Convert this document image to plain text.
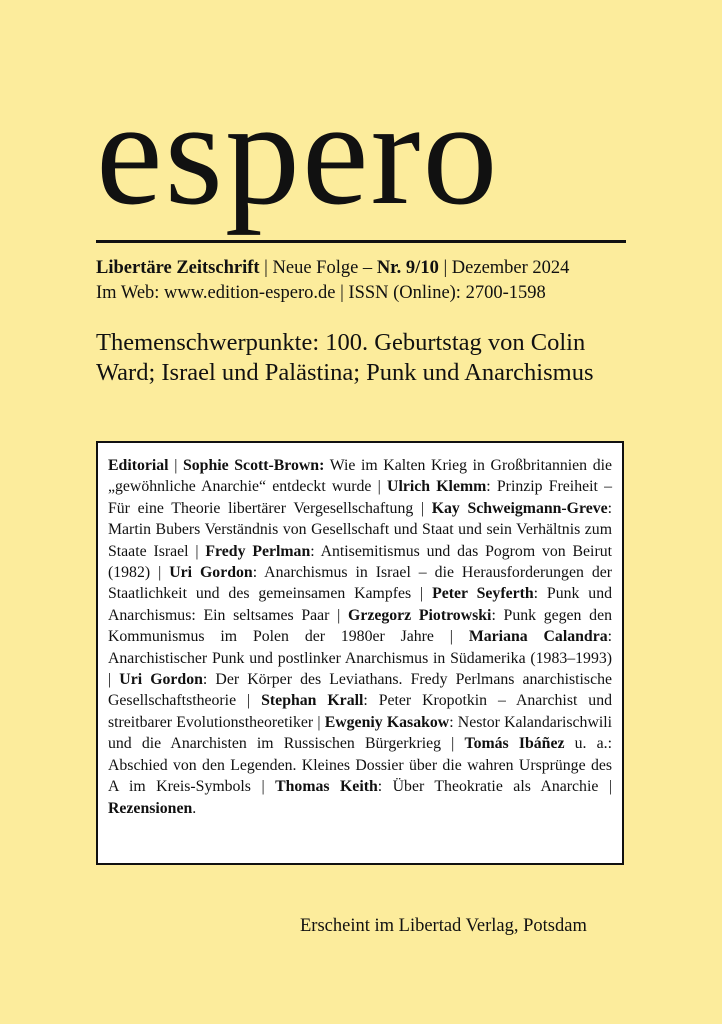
espero
Libertäre Zeitschrift | Neue Folge – Nr. 9/10 | Dezember 2024
Im Web: www.edition-espero.de | ISSN (Online): 2700-1598
Themenschwerpunkte: 100. Geburtstag von Colin Ward; Israel und Palästina; Punk und Anarchismus
Editorial | Sophie Scott-Brown: Wie im Kalten Krieg in Großbritannien die „gewöhnliche Anarchie“ entdeckt wurde | Ulrich Klemm: Prinzip Freiheit – Für eine Theorie libertärer Vergesellschaftung | Kay Schweigmann-Greve: Martin Bubers Verständnis von Gesellschaft und Staat und sein Verhältnis zum Staate Israel | Fredy Perlman: Antisemitismus und das Pogrom von Beirut (1982) | Uri Gordon: Anarchismus in Israel – die Herausforderungen der Staatlichkeit und des gemeinsamen Kampfes | Peter Seyferth: Punk und Anarchismus: Ein seltsames Paar | Grzegorz Piotrowski: Punk gegen den Kommunismus im Polen der 1980er Jahre | Mariana Calandra: Anarchistischer Punk und postlinker Anarchismus in Südamerika (1983–1993) | Uri Gordon: Der Körper des Leviathans. Fredy Perlmans anarchistische Gesellschaftstheorie | Stephan Krall: Peter Kropotkin – Anarchist und streitbarer Evolutionstheoretiker | Ewgeniy Kasakow: Nestor Kalandarischwili und die Anarchisten im Russischen Bürgerkrieg | Tomás Ibáñez u. a.: Abschied von den Legenden. Kleines Dossier über die wahren Ursprünge des A im Kreis-Symbols | Thomas Keith: Über Theokratie als Anarchie | Rezensionen.
Erscheint im Libertad Verlag, Potsdam
